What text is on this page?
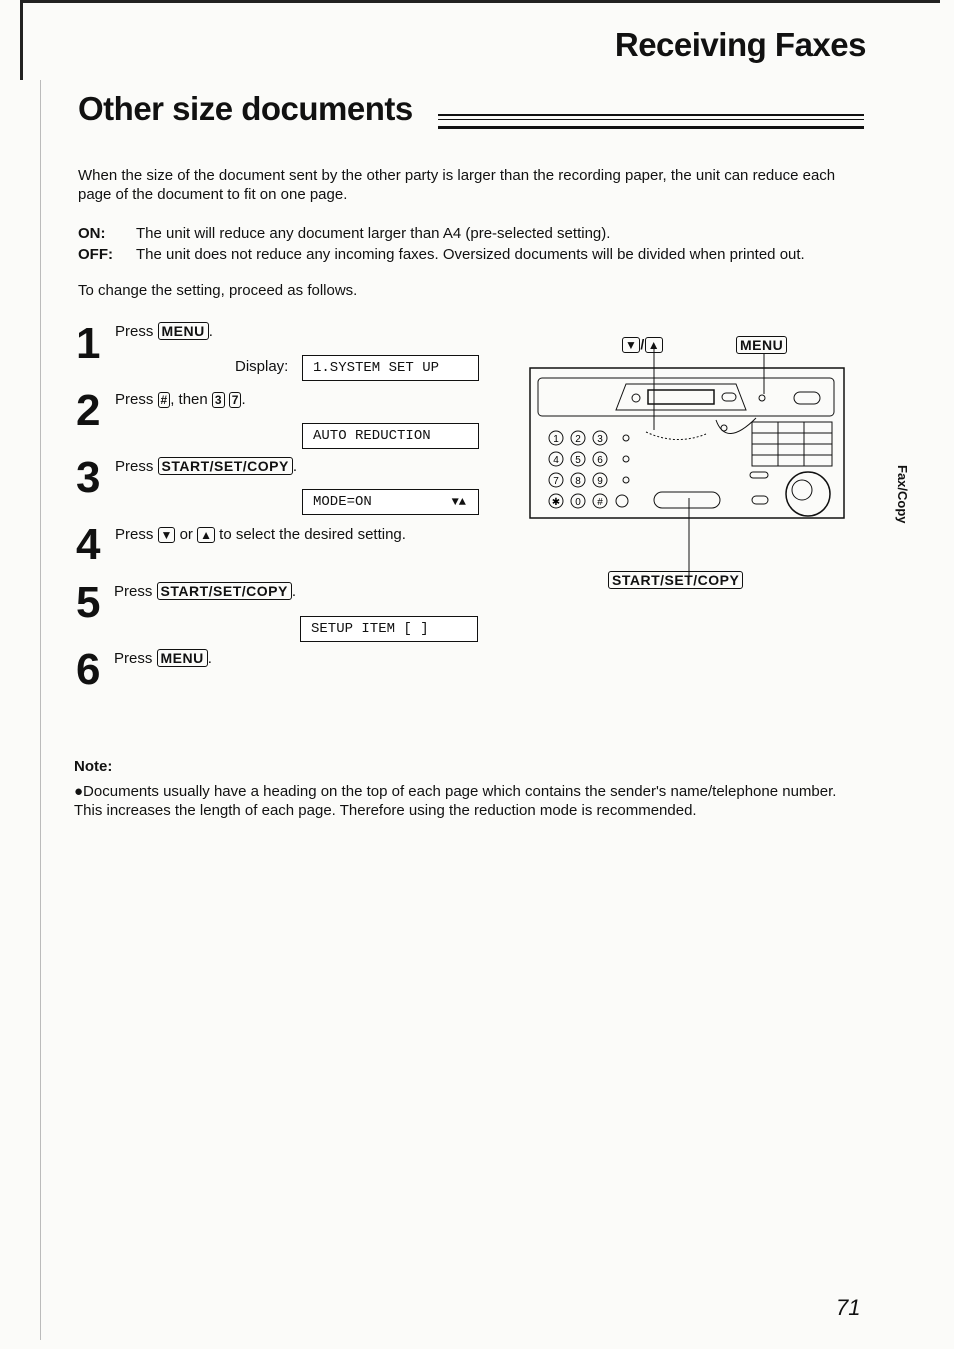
Receiving Faxes
Other size documents
When the size of the document sent by the other party is larger than the recording paper, the unit can reduce each page of the document to fit on one page.
ON: The unit will reduce any document larger than A4 (pre-selected setting).
OFF: The unit does not reduce any incoming faxes. Oversized documents will be divided when printed out.
To change the setting, proceed as follows.
1 Press MENU .
Display:	1.SYSTEM SET UP
2 Press # , then 3 7 .
AUTO REDUCTION
3 Press START/SET/COPY .
MODE=ON	▼▲
4 Press ▼ or ▲ to select the desired setting.
5 Press START/SET/COPY .
SETUP ITEM [ ]
6 Press MENU .
▼ / ▲	MENU
START/SET/COPY
1 2 3
4 5 6
7 8 9
✱ 0 #
Note:
●Documents usually have a heading on the top of each page which contains the sender's name/telephone number. This increases the length of each page. Therefore using the reduction mode is recommended.
Fax/Copy
71
